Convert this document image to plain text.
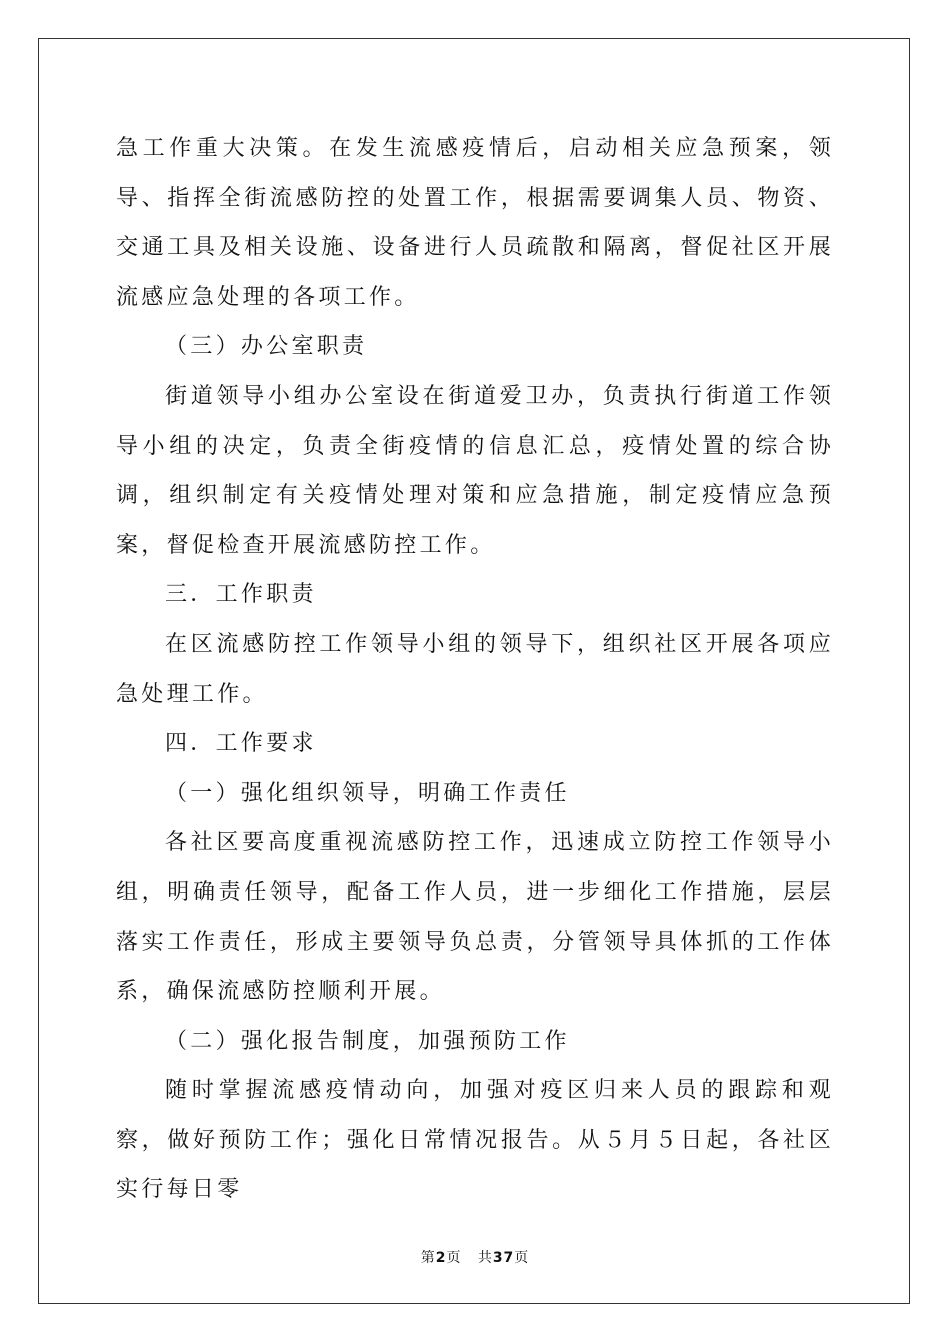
急工作重大决策。在发生流感疫情后，启动相关应急预案，领导、指挥全街流感防控的处置工作，根据需要调集人员、物资、交通工具及相关设施、设备进行人员疏散和隔离，督促社区开展流感应急处理的各项工作。

（三）办公室职责

街道领导小组办公室设在街道爱卫办，负责执行街道工作领导小组的决定，负责全街疫情的信息汇总，疫情处置的综合协调，组织制定有关疫情处理对策和应急措施，制定疫情应急预案，督促检查开展流感防控工作。

三．工作职责

在区流感防控工作领导小组的领导下，组织社区开展各项应急处理工作。

四．工作要求

（一）强化组织领导，明确工作责任

各社区要高度重视流感防控工作，迅速成立防控工作领导小组，明确责任领导，配备工作人员，进一步细化工作措施，层层落实工作责任，形成主要领导负总责，分管领导具体抓的工作体系，确保流感防控顺利开展。

（二）强化报告制度，加强预防工作

随时掌握流感疫情动向，加强对疫区归来人员的跟踪和观察，做好预防工作；强化日常情况报告。从５月５日起，各社区实行每日零

第2页 共37页
